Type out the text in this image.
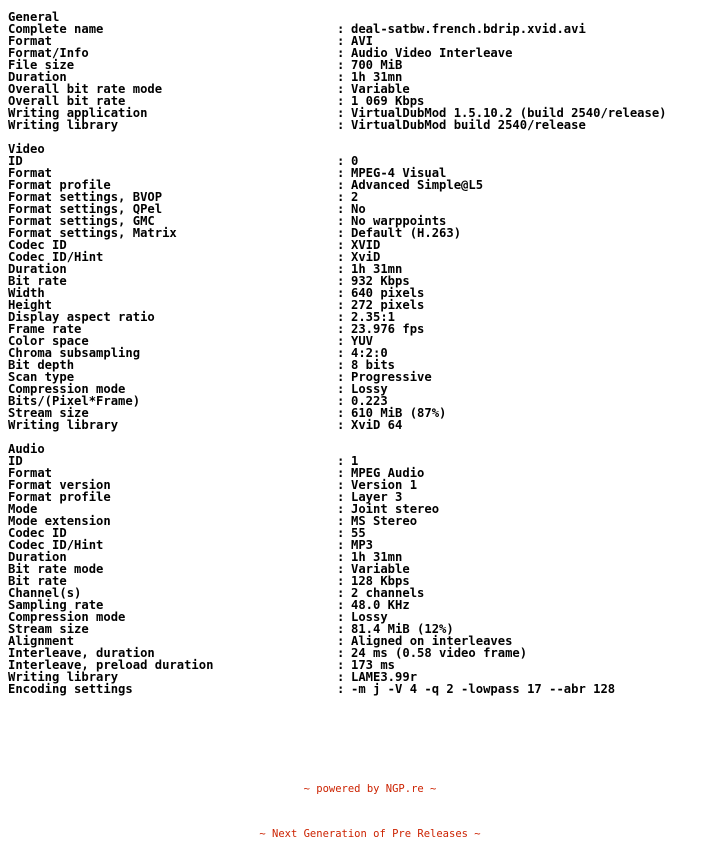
General
Complete name	: deal-satbw.french.bdrip.xvid.avi
Format	: AVI
Format/Info	: Audio Video Interleave
File size	: 700 MiB
Duration	: 1h 31mn
Overall bit rate mode	: Variable
Overall bit rate	: 1 069 Kbps
Writing application	: VirtualDubMod 1.5.10.2 (build 2540/release)
Writing library	: VirtualDubMod build 2540/release
Video
ID	: 0
Format	: MPEG-4 Visual
Format profile	: Advanced Simple@L5
Format settings, BVOP	: 2
Format settings, QPel	: No
Format settings, GMC	: No warppoints
Format settings, Matrix	: Default (H.263)
Codec ID	: XVID
Codec ID/Hint	: XviD
Duration	: 1h 31mn
Bit rate	: 932 Kbps
Width	: 640 pixels
Height	: 272 pixels
Display aspect ratio	: 2.35:1
Frame rate	: 23.976 fps
Color space	: YUV
Chroma subsampling	: 4:2:0
Bit depth	: 8 bits
Scan type	: Progressive
Compression mode	: Lossy
Bits/(Pixel*Frame)	: 0.223
Stream size	: 610 MiB (87%)
Writing library	: XviD 64
Audio
ID	: 1
Format	: MPEG Audio
Format version	: Version 1
Format profile	: Layer 3
Mode	: Joint stereo
Mode extension	: MS Stereo
Codec ID	: 55
Codec ID/Hint	: MP3
Duration	: 1h 31mn
Bit rate mode	: Variable
Bit rate	: 128 Kbps
Channel(s)	: 2 channels
Sampling rate	: 48.0 KHz
Compression mode	: Lossy
Stream size	: 81.4 MiB (12%)
Alignment	: Aligned on interleaves
Interleave, duration	: 24 ms (0.58 video frame)
Interleave, preload duration	: 173 ms
Writing library	: LAME3.99r
Encoding settings	: -m j -V 4 -q 2 -lowpass 17 --abr 128

~ powered by NGP.re ~

~ Next Generation of Pre Releases ~
